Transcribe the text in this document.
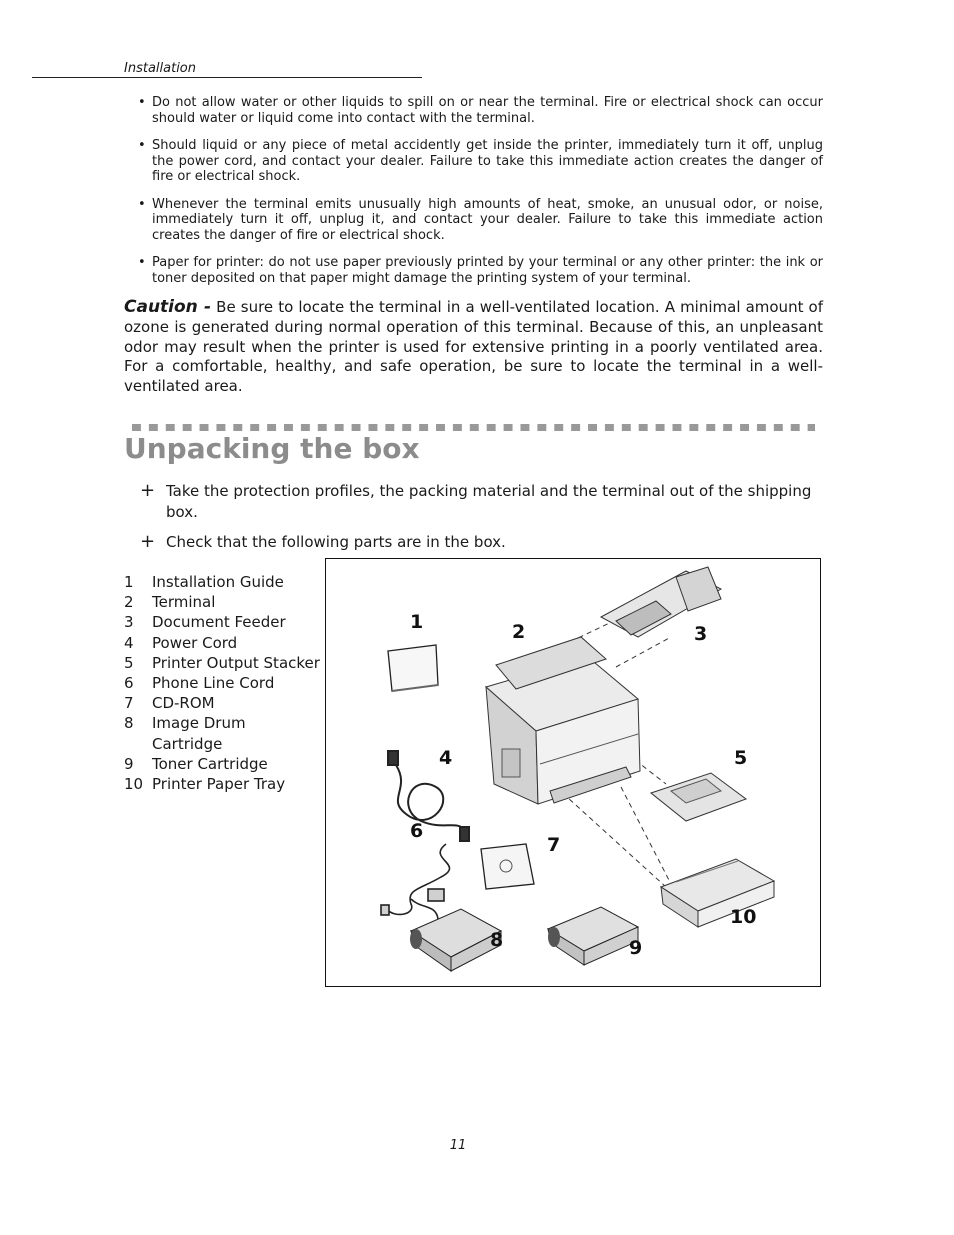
Installation
• Do not allow water or other liquids to spill on or near the terminal. Fire or electrical shock can occur should water or liquid come into contact with the terminal.
• Should liquid or any piece of metal accidently get inside the printer, immediately turn it off, unplug the power cord, and contact your dealer. Failure to take this immediate action creates the danger of fire or electrical shock.
• Whenever the terminal emits unusually high amounts of heat, smoke, an unusual odor, or noise, immediately turn it off, unplug it, and contact your dealer. Failure to take this immediate action creates the danger of fire or electrical shock.
• Paper for printer: do not use paper previously printed by your terminal or any other printer: the ink or toner deposited on that paper might damage the printing system of your terminal.

Caution - Be sure to locate the terminal in a well-ventilated location. A minimal amount of ozone is generated during normal operation of this terminal. Because of this, an unpleasant odor may result when the printer is used for extensive printing in a poorly ventilated area. For a comfortable, healthy, and safe operation, be sure to locate the terminal in a well-ventilated area.

Unpacking the box
+ Take the protection profiles, the packing material and the terminal out of the shipping box.
+ Check that the following parts are in the box.
1 Installation Guide
2 Terminal
3 Document Feeder
4 Power Cord
5 Printer Output Stacker
6 Phone Line Cord
7 CD-ROM
8 Image Drum Cartridge
9 Toner Cartridge
10 Printer Paper Tray
1	2	3
4	5
6
7
8	9
10
11
